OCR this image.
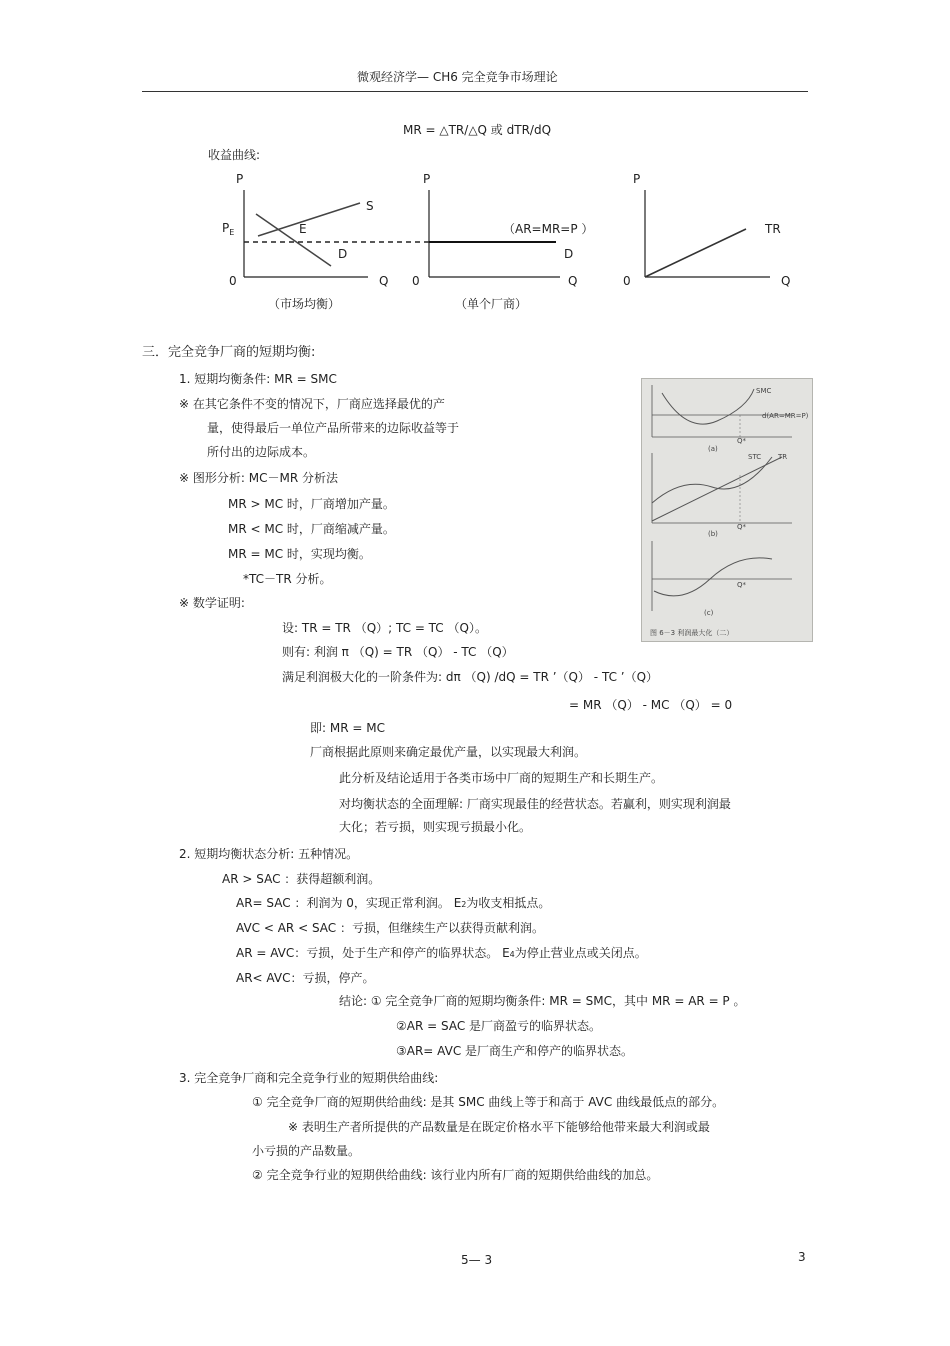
微观经济学— CH6 完全竞争市场理论
MR = △TR/△Q 或 dTR/dQ
收益曲线:
P
$P_E$
S
E
D
0	Q
P
（AR=MR=P ）
D
0	Q
P
TR
0	Q
（市场均衡）	（单个厂商）
三．完全竞争厂商的短期均衡:
1. 短期均衡条件: MR = SMC
※ 在其它条件不变的情况下，厂商应选择最优的产
量，使得最后一单位产品所带来的边际收益等于
所付出的边际成本。
※ 图形分析: MC－MR 分析法
MR > MC 时，厂商增加产量。
MR < MC 时，厂商缩减产量。
MR = MC 时，实现均衡。
*TC－TR 分析。
※ 数学证明:
设: TR = TR （Q）; TC = TC （Q）。
则有: 利润 π （Q) = TR （Q） - TC （Q）
满足利润极大化的一阶条件为: dπ （Q) /dQ = TR ’（Q） - TC ’（Q）
= MR （Q） - MC （Q） = 0
即: MR = MC
厂商根据此原则来确定最优产量，以实现最大利润。
此分析及结论适用于各类市场中厂商的短期生产和长期生产。
对均衡状态的全面理解: 厂商实现最佳的经营状态。若赢利，则实现利润最
大化；若亏损，则实现亏损最小化。
2. 短期均衡状态分析: 五种情况。
AR > SAC ：获得超额利润。
AR= SAC ：利润为 0，实现正常利润。 E2为收支相抵点。
AVC < AR < SAC ：亏损，但继续生产以获得贡献利润。
AR = AVC：亏损，处于生产和停产的临界状态。 E4为停止营业点或关闭点。
AR< AVC：亏损，停产。
结论: ① 完全竞争厂商的短期均衡条件: MR = SMC，其中 MR = AR = P 。
②AR = SAC 是厂商盈亏的临界状态。
③AR= AVC 是厂商生产和停产的临界状态。
3. 完全竞争厂商和完全竞争行业的短期供给曲线:
① 完全竞争厂商的短期供给曲线: 是其 SMC 曲线上等于和高于 AVC 曲线最低点的部分。
※ 表明生产者所提供的产品数量是在既定价格水平下能够给他带来最大利润或最
小亏损的产品数量。
② 完全竞争行业的短期供给曲线: 该行业内所有厂商的短期供给曲线的加总。
SMC
d(AR=MR=P)
Q*
(a)
STC TR
Q*
(b)
Q*
(c)
图 6－3 利润最大化（二）
5— 3	3
